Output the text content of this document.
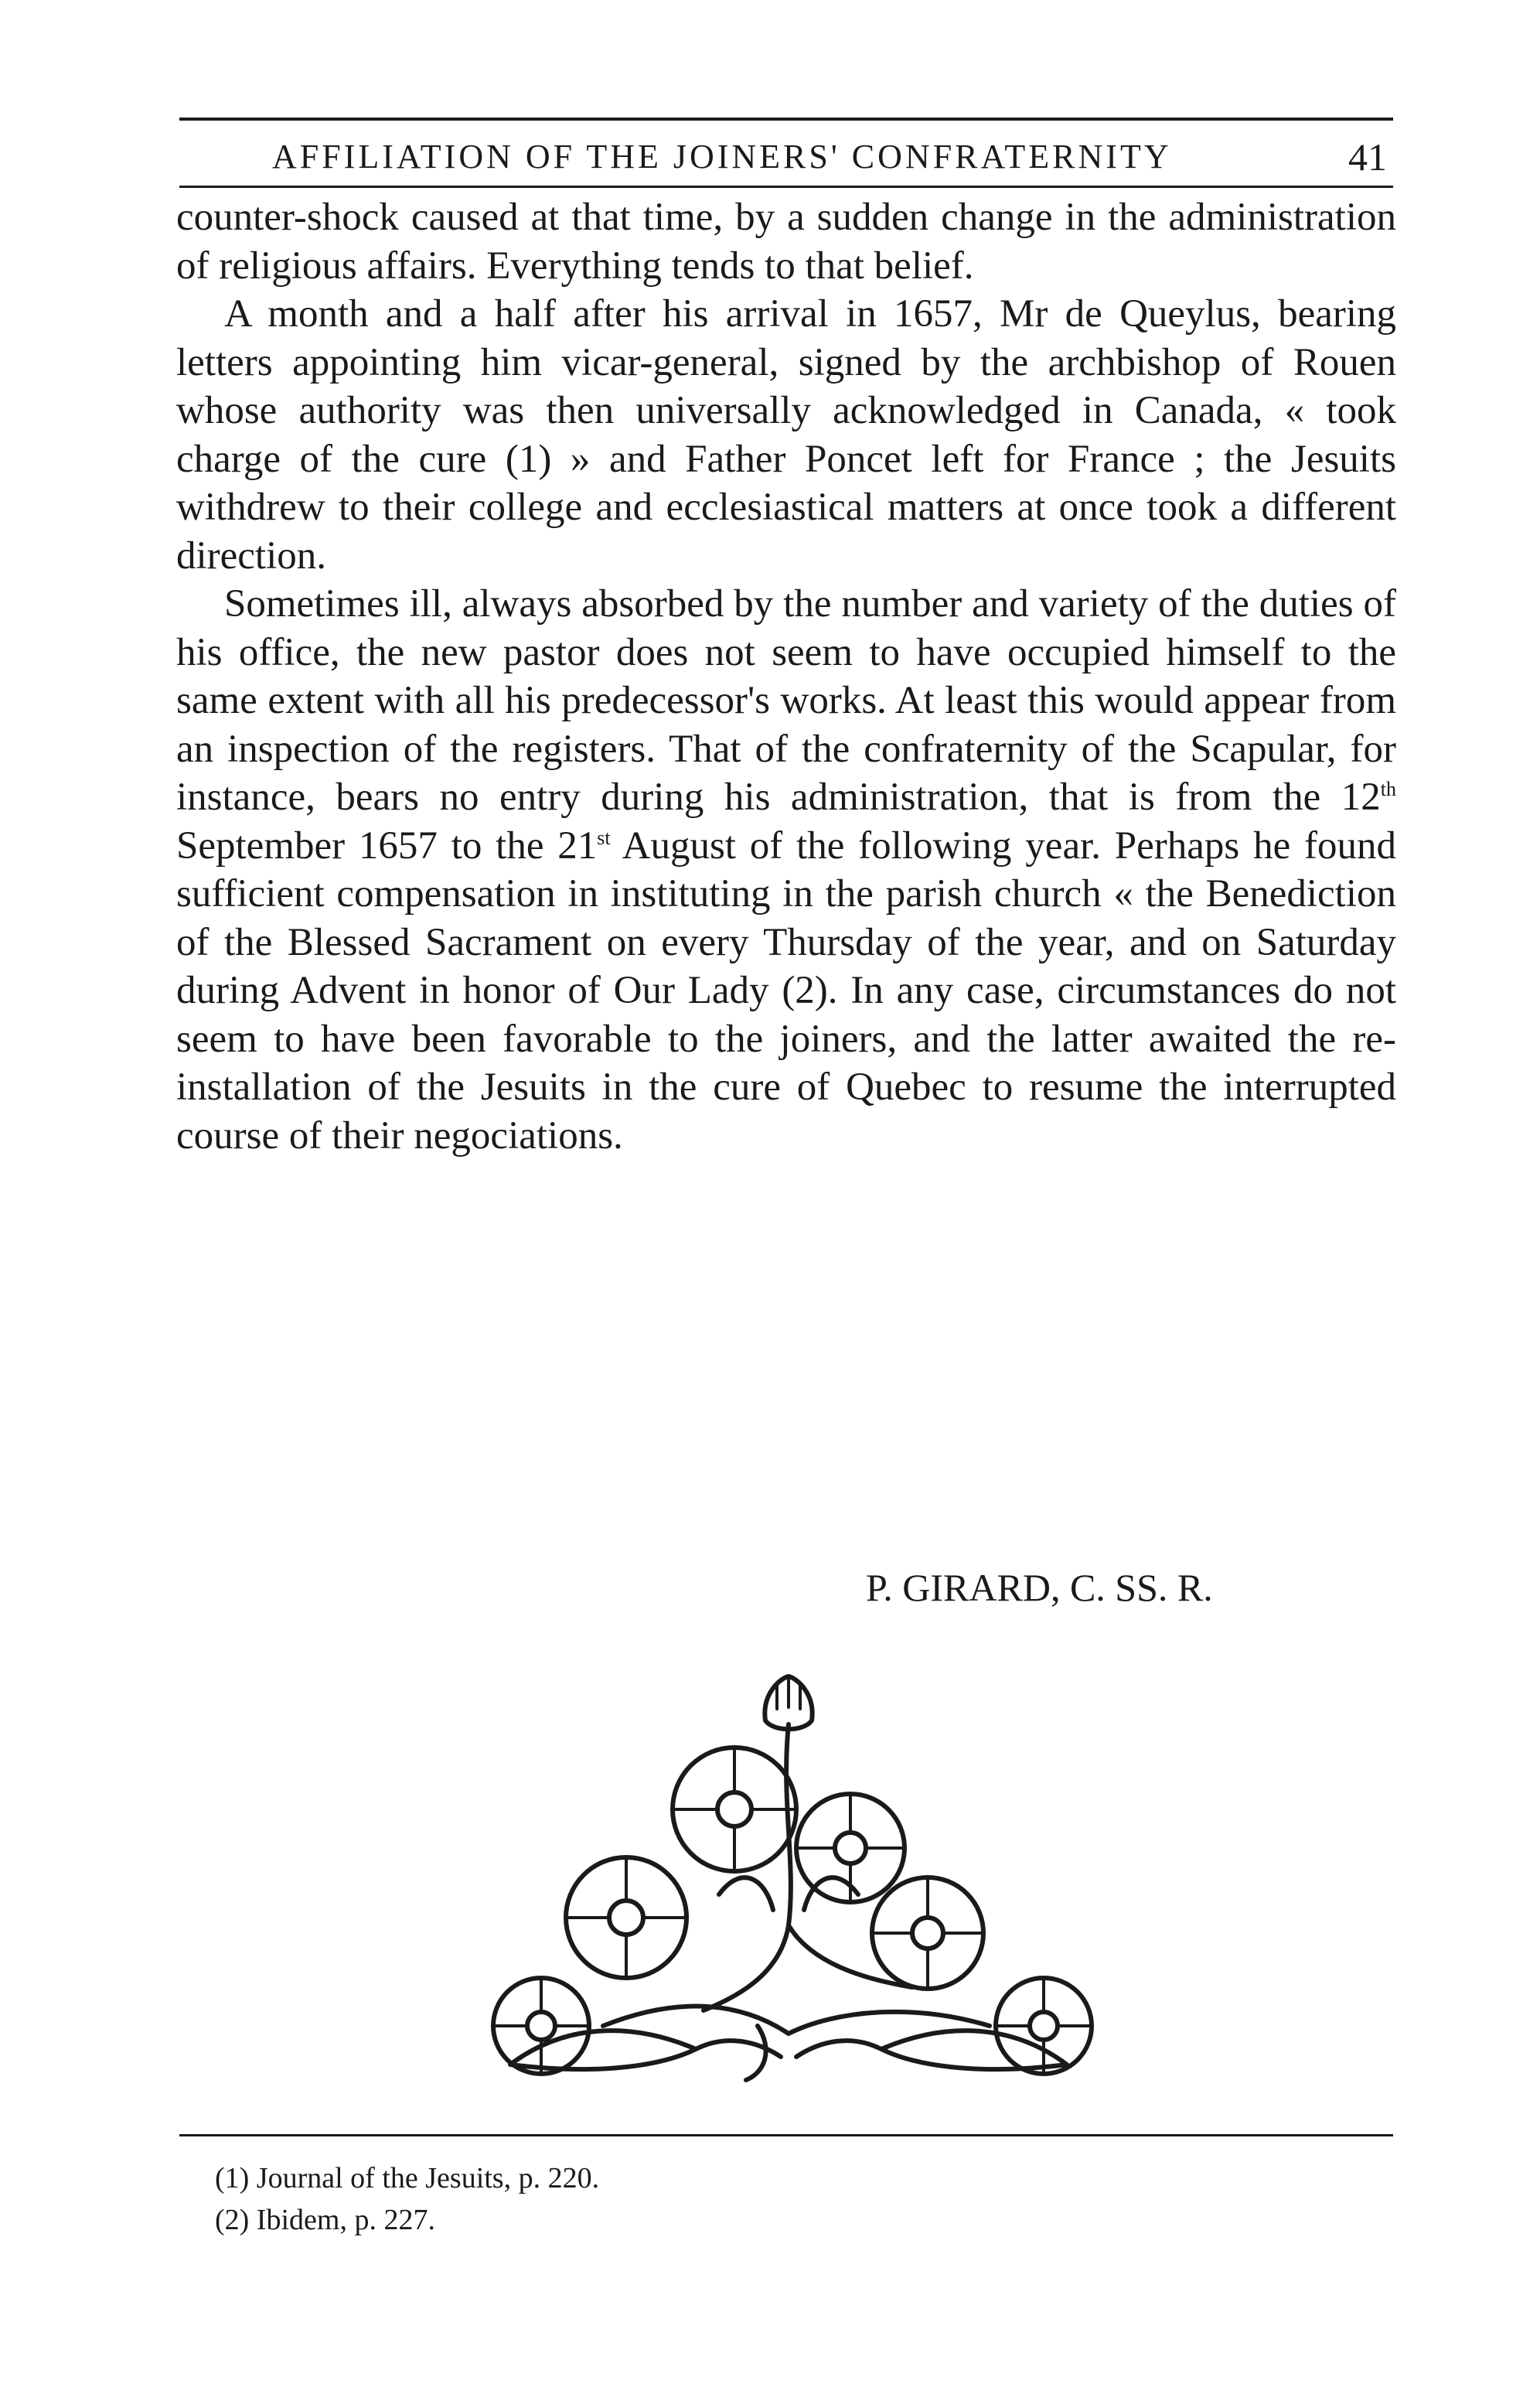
AFFILIATION OF THE JOINERS' CONFRATERNITY	41

counter-shock caused at that time, by a sudden change in the administration of religious affairs. Everything tends to that belief.

A month and a half after his arrival in 1657, Mr de Queylus, bearing letters appointing him vicar-general, signed by the archbishop of Rouen whose authority was then universally acknowledged in Canada, « took charge of the cure (1) » and Father Poncet left for France ; the Jesuits withdrew to their college and ecclesiastical matters at once took a different direction.

Sometimes ill, always absorbed by the number and variety of the duties of his office, the new pastor does not seem to have occupied himself to the same extent with all his predecessor's works. At least this would appear from an inspection of the registers. That of the confraternity of the Scapular, for instance, bears no entry during his administration, that is from the 12th September 1657 to the 21st August of the following year. Perhaps he found sufficient compensation in instituting in the parish church « the Benediction of the Blessed Sacrament on every Thursday of the year, and on Saturday during Advent in honor of Our Lady (2). In any case, circumstances do not seem to have been favorable to the joiners, and the latter awaited the re-installation of the Jesuits in the cure of Quebec to resume the interrupted course of their negociations.

P. GIRARD, C. SS. R.
(1) Journal of the Jesuits, p. 220.
(2) Ibidem, p. 227.
